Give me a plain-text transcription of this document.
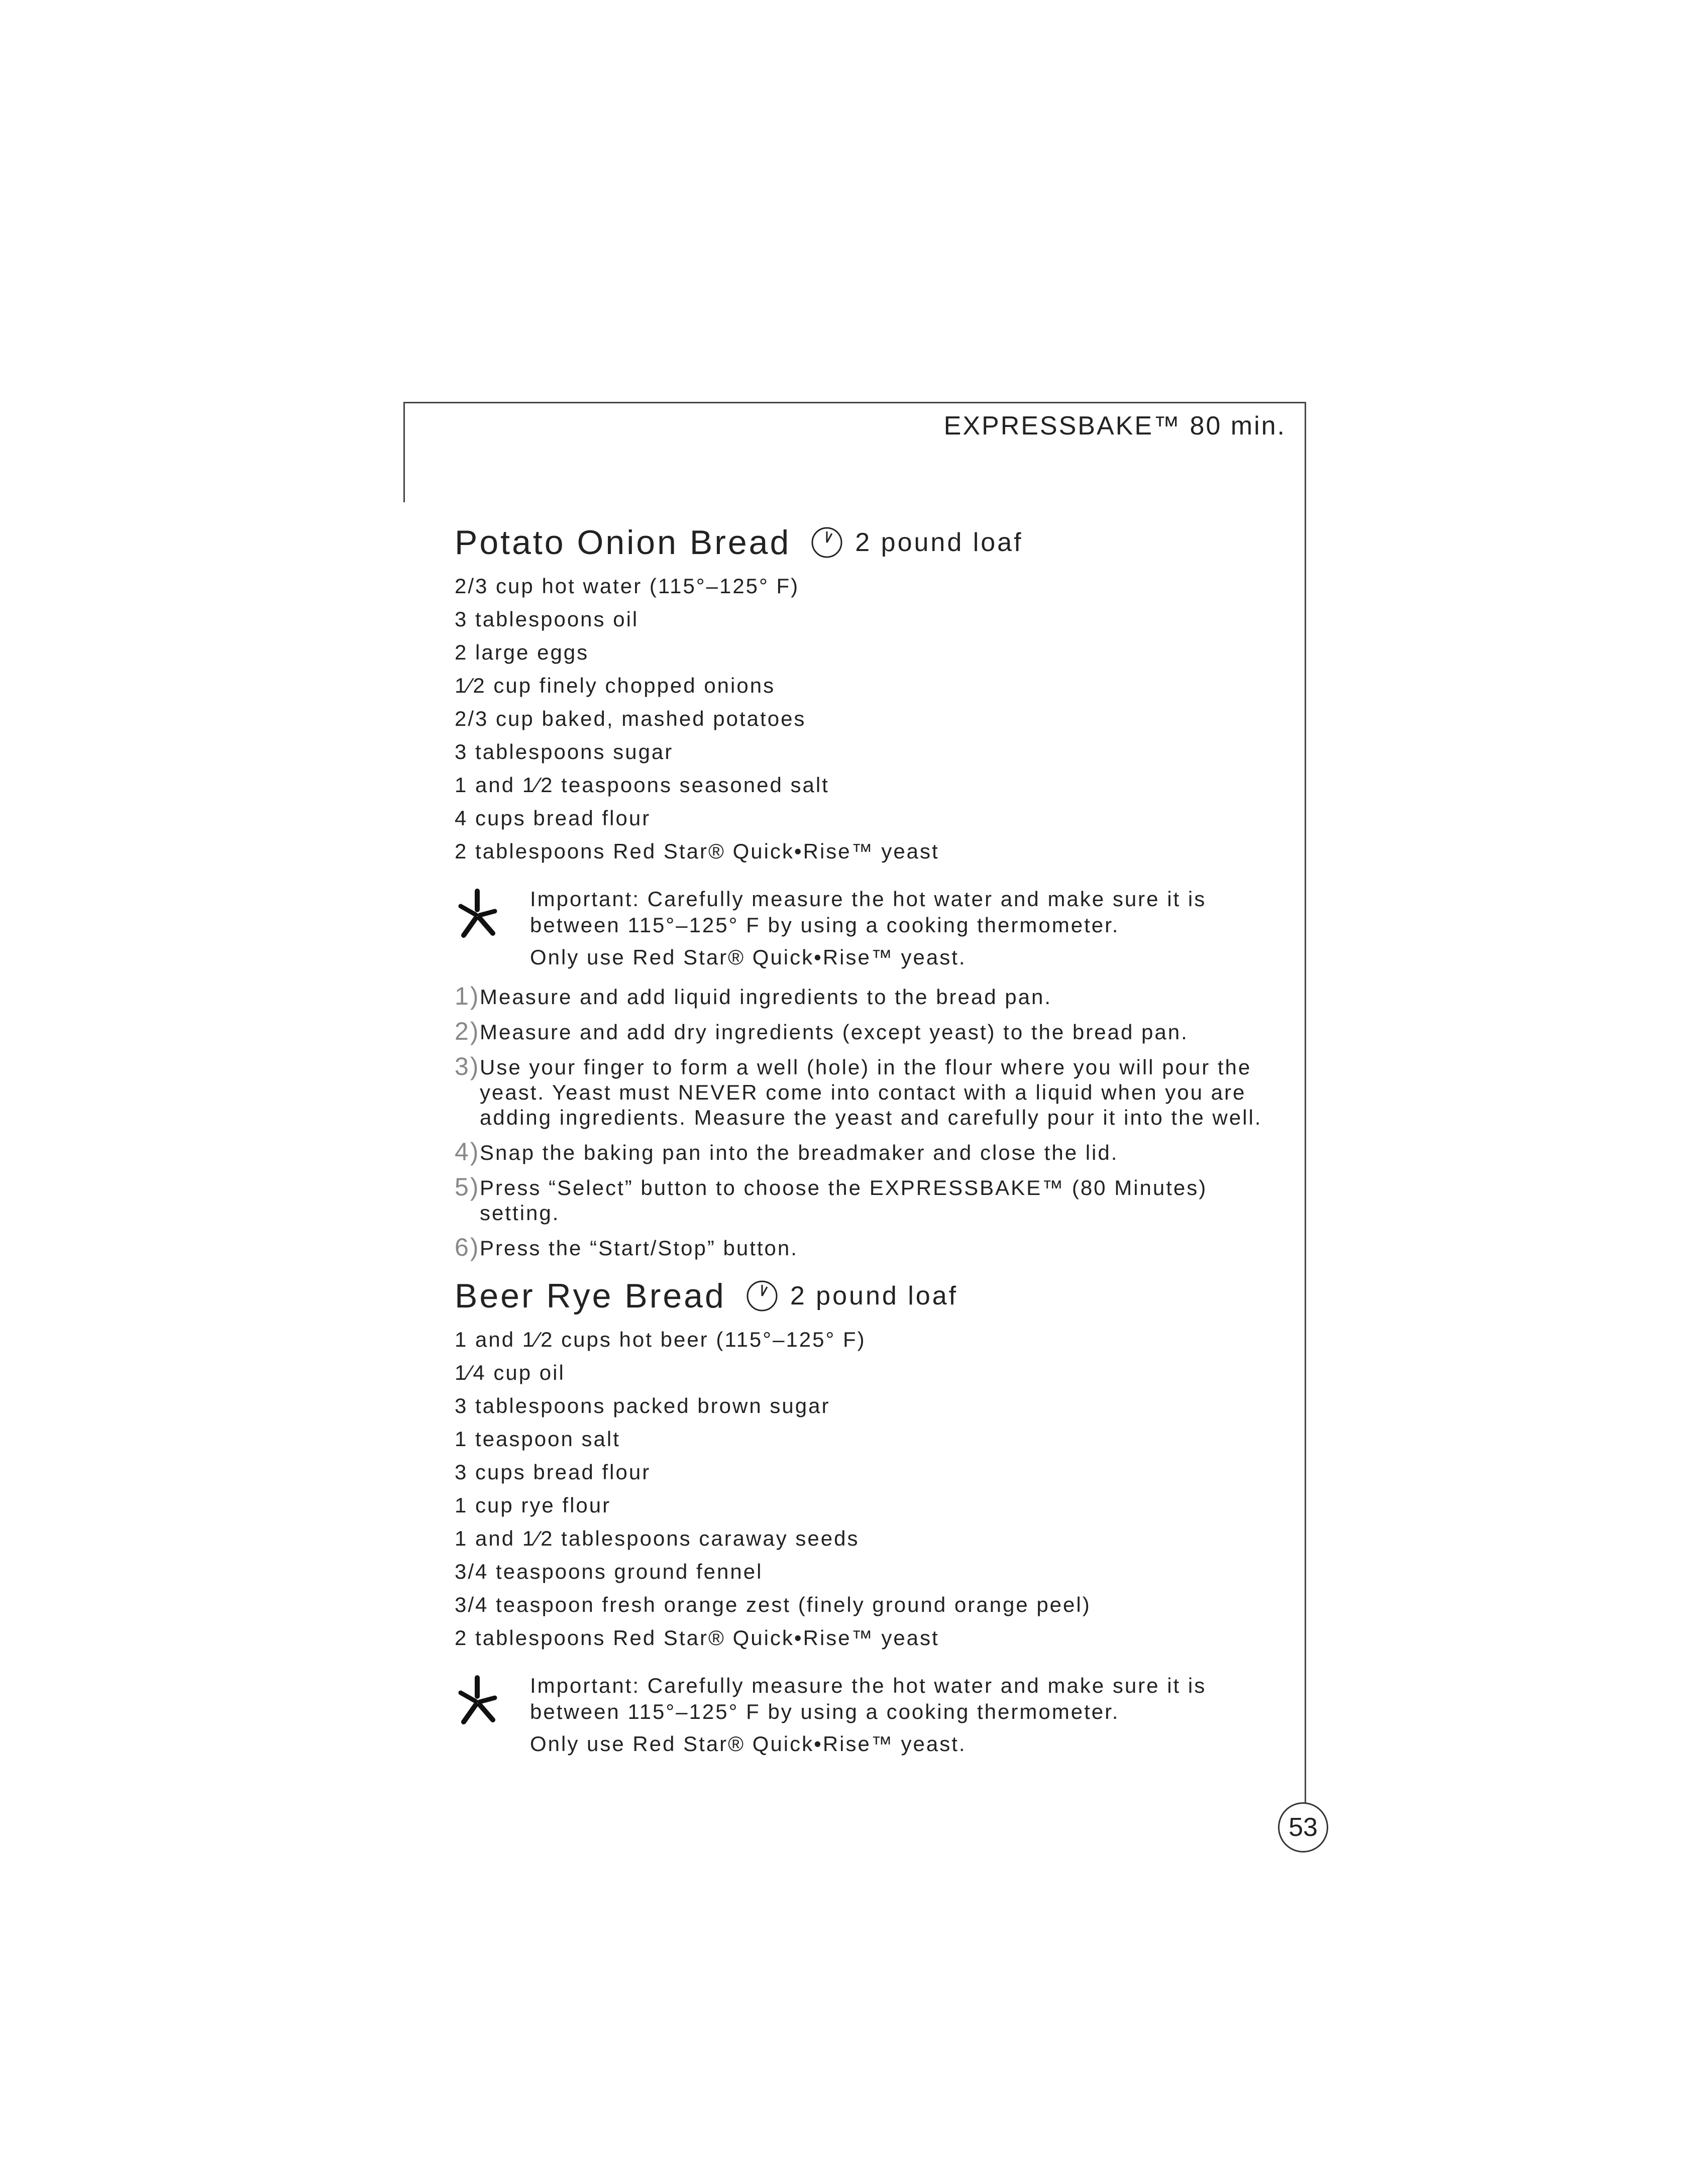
EXPRESSBAKE™ 80 min.
Potato Onion Bread 2 pound loaf
2/3 cup hot water (115°–125° F)
3 tablespoons oil
2 large eggs
1⁄2 cup finely chopped onions
2/3 cup baked, mashed potatoes
3 tablespoons sugar
1 and 1⁄2 teaspoons seasoned salt
4 cups bread flour
2 tablespoons Red Star® Quick•Rise™ yeast

Important: Carefully measure the hot water and make sure it is between 115°–125° F by using a cooking thermometer.

Only use Red Star® Quick•Rise™ yeast.

1) Measure and add liquid ingredients to the bread pan.
2) Measure and add dry ingredients (except yeast) to the bread pan.
3) Use your finger to form a well (hole) in the flour where you will pour the yeast. Yeast must NEVER come into contact with a liquid when you are adding ingredients. Measure the yeast and carefully pour it into the well.
4) Snap the baking pan into the breadmaker and close the lid.
5) Press “Select” button to choose the EXPRESSBAKE™ (80 Minutes) setting.
6) Press the “Start/Stop” button.
Beer Rye Bread 2 pound loaf
1 and 1⁄2 cups hot beer (115°–125° F)
1⁄4 cup oil
3 tablespoons packed brown sugar
1 teaspoon salt
3 cups bread flour
1 cup rye flour
1 and 1⁄2 tablespoons caraway seeds
3/4 teaspoons ground fennel
3/4 teaspoon fresh orange zest (finely ground orange peel)
2 tablespoons Red Star® Quick•Rise™ yeast

Important: Carefully measure the hot water and make sure it is between 115°–125° F by using a cooking thermometer.

Only use Red Star® Quick•Rise™ yeast.

53
